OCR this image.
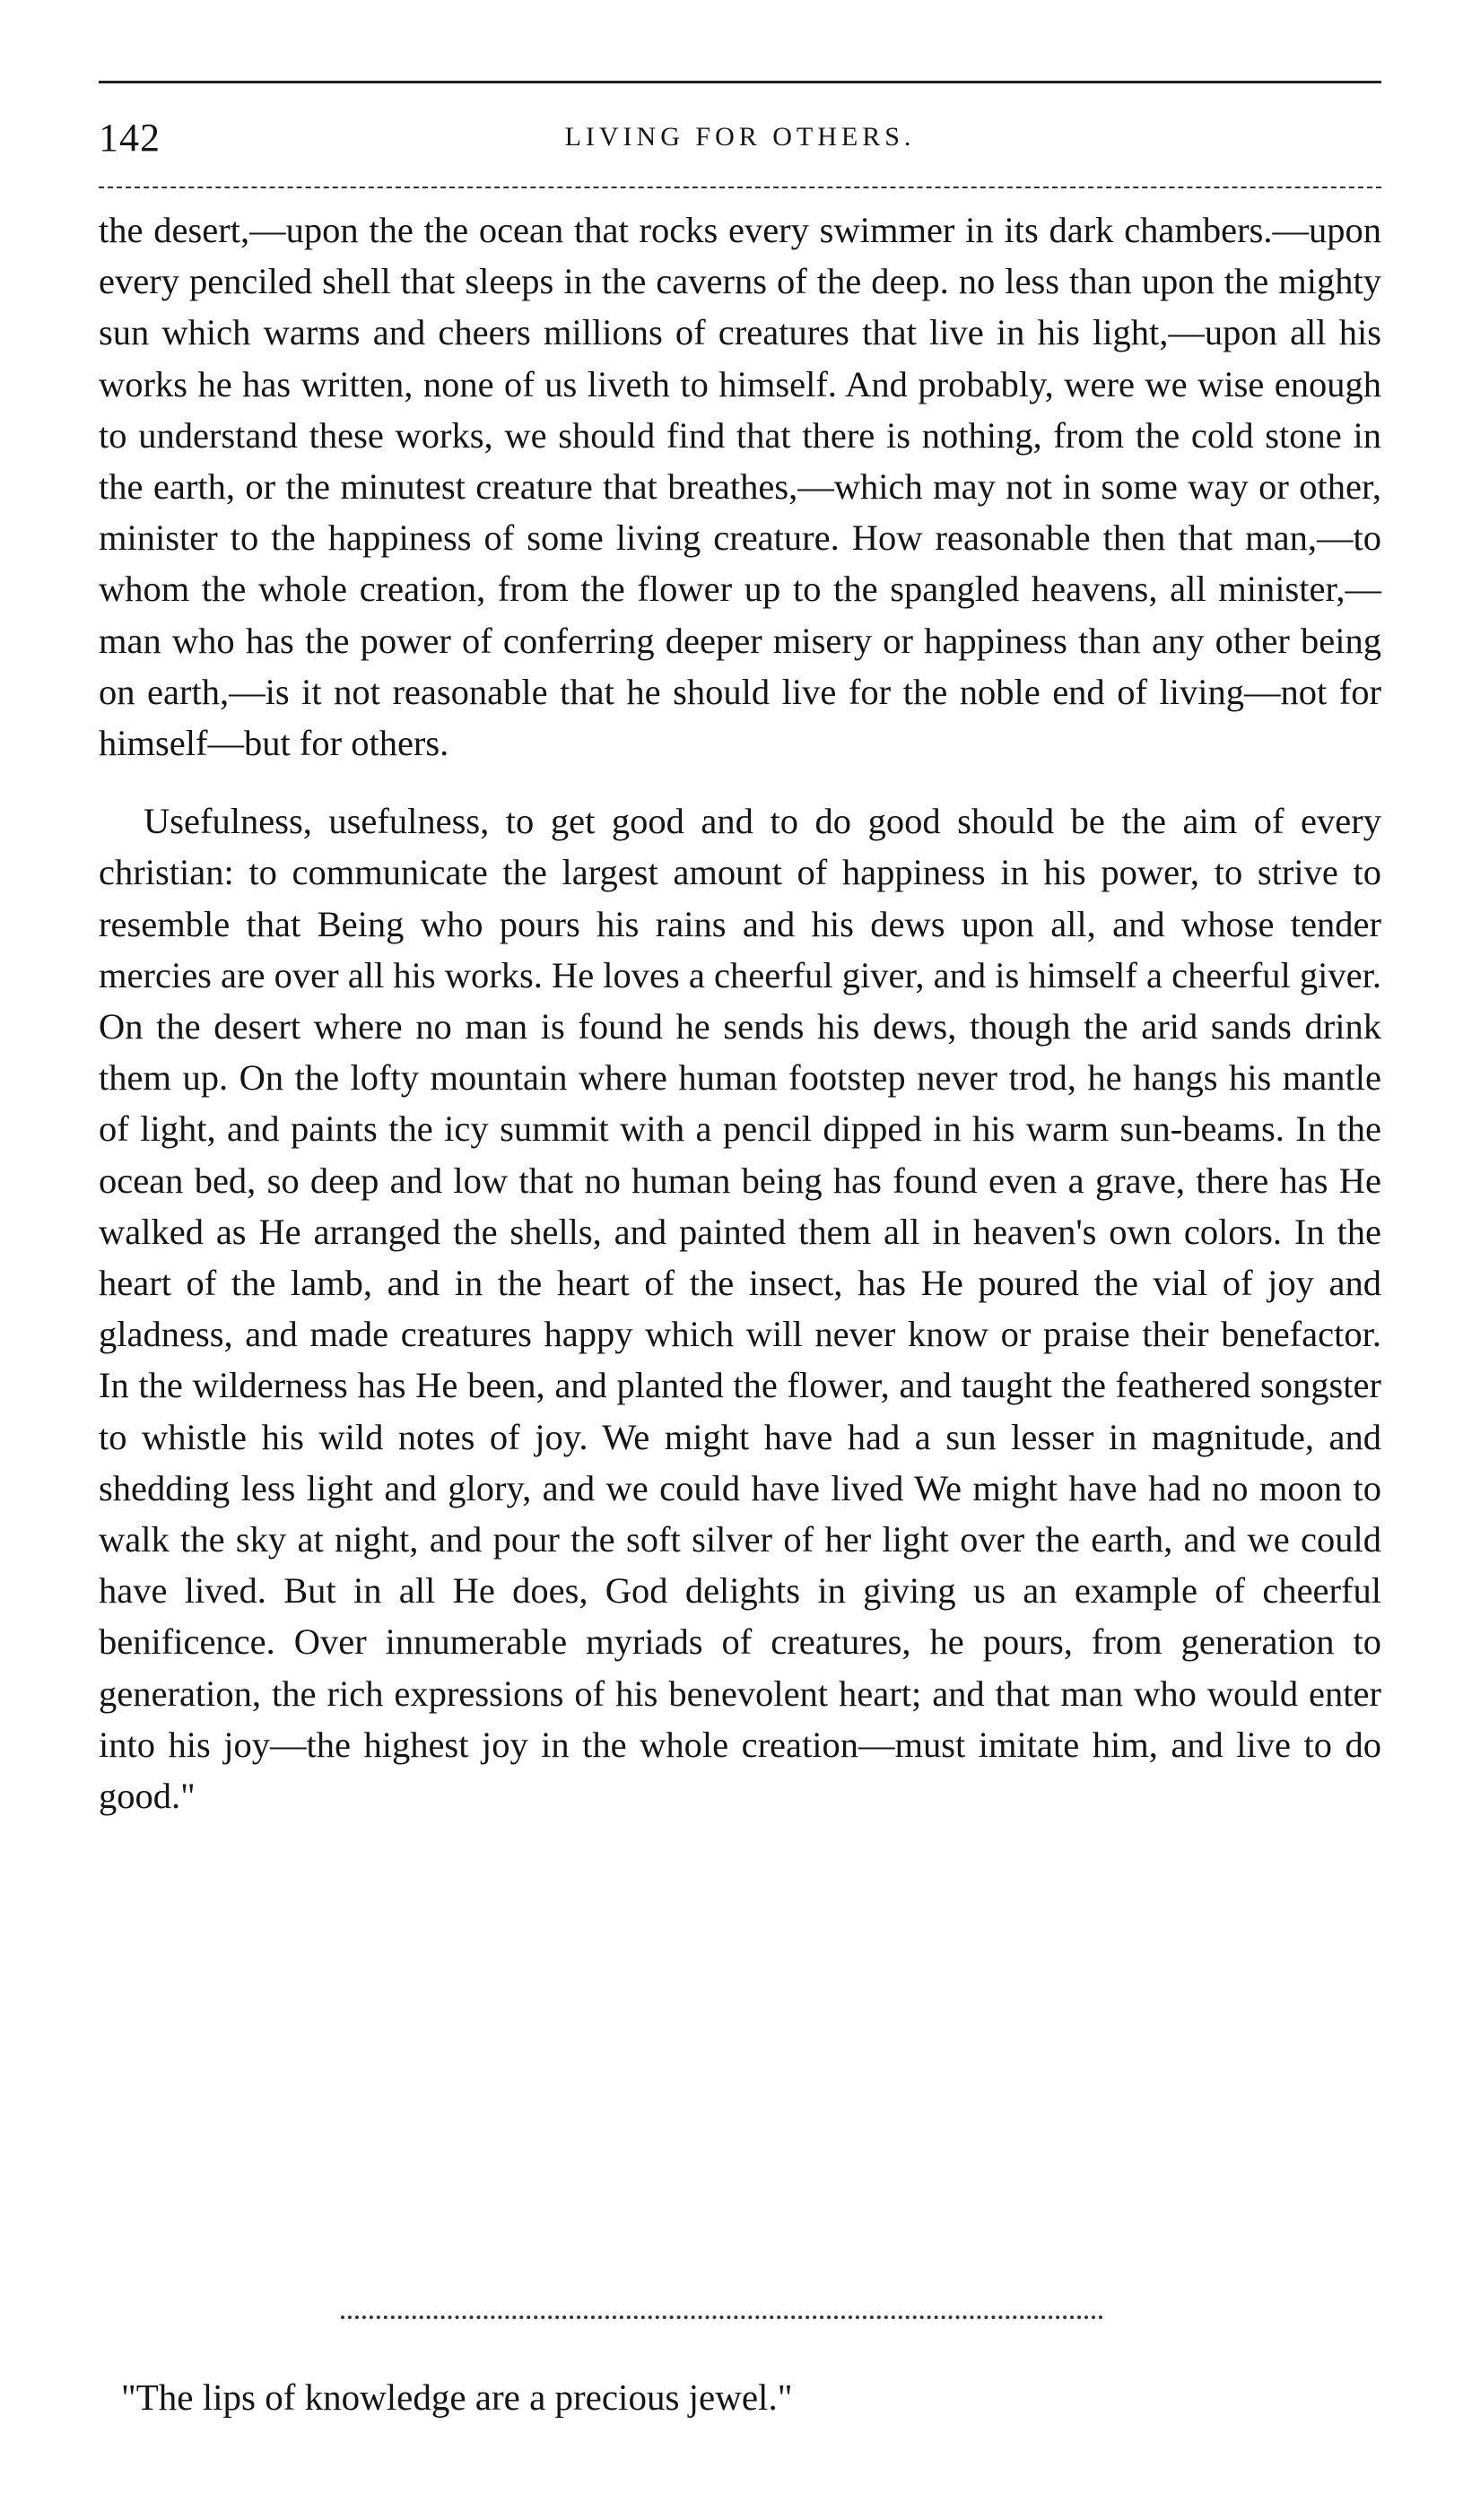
142	LIVING FOR OTHERS.

the desert,—upon the the ocean that rocks every swimmer in its dark chambers.—upon every penciled shell that sleeps in the caverns of the deep. no less than upon the mighty sun which warms and cheers millions of creatures that live in his light,—upon all his works he has written, none of us liveth to himself. And probably, were we wise enough to understand these works, we should find that there is nothing, from the cold stone in the earth, or the minutest creature that breathes,—which may not in some way or other, minister to the happiness of some living creature. How reasonable then that man,—to whom the whole creation, from the flower up to the spangled heavens, all minister,—man who has the power of conferring deeper misery or happiness than any other being on earth,—is it not reasonable that he should live for the noble end of living—not for himself—but for others.

Usefulness, usefulness, to get good and to do good should be the aim of every christian: to communicate the largest amount of happiness in his power, to strive to resemble that Being who pours his rains and his dews upon all, and whose tender mercies are over all his works. He loves a cheerful giver, and is himself a cheerful giver. On the desert where no man is found he sends his dews, though the arid sands drink them up. On the lofty mountain where human footstep never trod, he hangs his mantle of light, and paints the icy summit with a pencil dipped in his warm sun-beams. In the ocean bed, so deep and low that no human being has found even a grave, there has He walked as He arranged the shells, and painted them all in heaven's own colors. In the heart of the lamb, and in the heart of the insect, has He poured the vial of joy and gladness, and made creatures happy which will never know or praise their benefactor. In the wilderness has He been, and planted the flower, and taught the feathered songster to whistle his wild notes of joy. We might have had a sun lesser in magnitude, and shedding less light and glory, and we could have lived We might have had no moon to walk the sky at night, and pour the soft silver of her light over the earth, and we could have lived. But in all He does, God delights in giving us an example of cheerful benificence. Over innumerable myriads of creatures, he pours, from generation to generation, the rich expressions of his benevolent heart; and that man who would enter into his joy—the highest joy in the whole creation—must imitate him, and live to do good."

"The lips of knowledge are a precious jewel."
